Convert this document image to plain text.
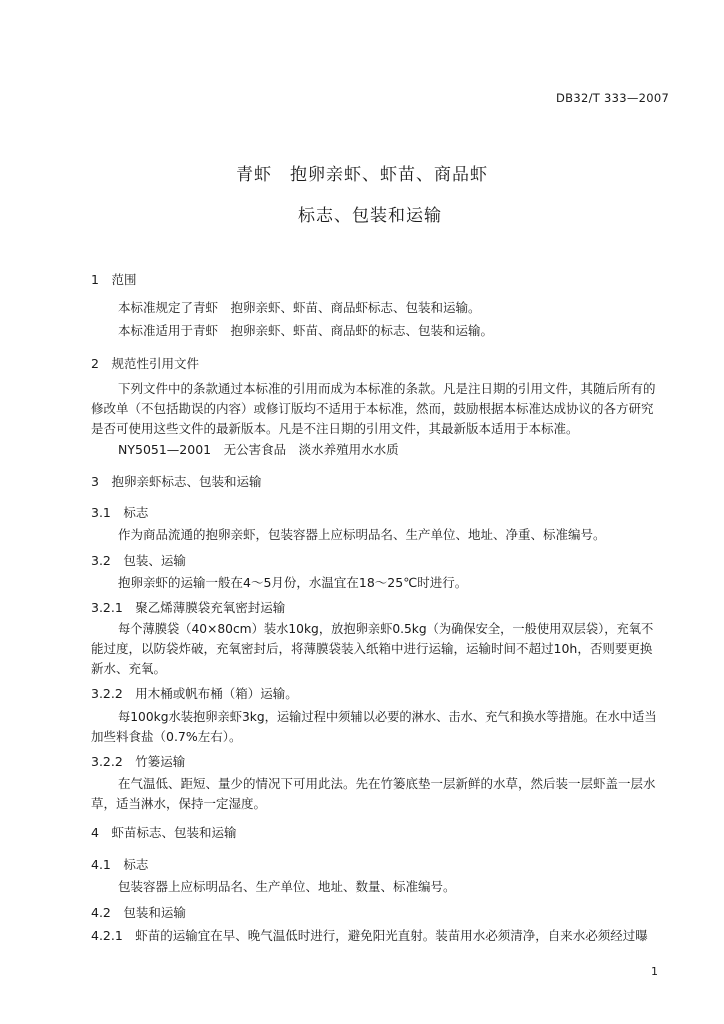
DB32/T 333—2007
青虾　抱卵亲虾、虾苗、商品虾
标志、包装和运输
1　范围
本标准规定了青虾　抱卵亲虾、虾苗、商品虾标志、包装和运输。
本标准适用于青虾　抱卵亲虾、虾苗、商品虾的标志、包装和运输。
2　规范性引用文件
下列文件中的条款通过本标准的引用而成为本标准的条款。凡是注日期的引用文件，其随后所有的
修改单（不包括勘误的内容）或修订版均不适用于本标准，然而，鼓励根据本标准达成协议的各方研究
是否可使用这些文件的最新版本。凡是不注日期的引用文件，其最新版本适用于本标准。
NY5051—2001　无公害食品　淡水养殖用水水质
3　抱卵亲虾标志、包装和运输
3.1　标志
作为商品流通的抱卵亲虾，包装容器上应标明品名、生产单位、地址、净重、标准编号。
3.2　包装、运输
抱卵亲虾的运输一般在4～5月份，水温宜在18～25℃时进行。
3.2.1　聚乙烯薄膜袋充氧密封运输
每个薄膜袋（40×80cm）装水10kg，放抱卵亲虾0.5kg（为确保安全，一般使用双层袋），充氧不
能过度，以防袋炸破，充氧密封后，将薄膜袋装入纸箱中进行运输，运输时间不超过10h，否则要更换
新水、充氧。
3.2.2　用木桶或帆布桶（箱）运输。
每100kg水装抱卵亲虾3kg，运输过程中须辅以必要的淋水、击水、充气和换水等措施。在水中适当
加些料食盐（0.7%左右）。
3.2.2　竹篓运输
在气温低、距短、量少的情况下可用此法。先在竹篓底垫一层新鲜的水草，然后装一层虾盖一层水
草，适当淋水，保持一定湿度。
4　虾苗标志、包装和运输
4.1　标志
包装容器上应标明品名、生产单位、地址、数量、标准编号。
4.2　包装和运输
4.2.1　虾苗的运输宜在早、晚气温低时进行，避免阳光直射。装苗用水必须清净，自来水必须经过曝
1
